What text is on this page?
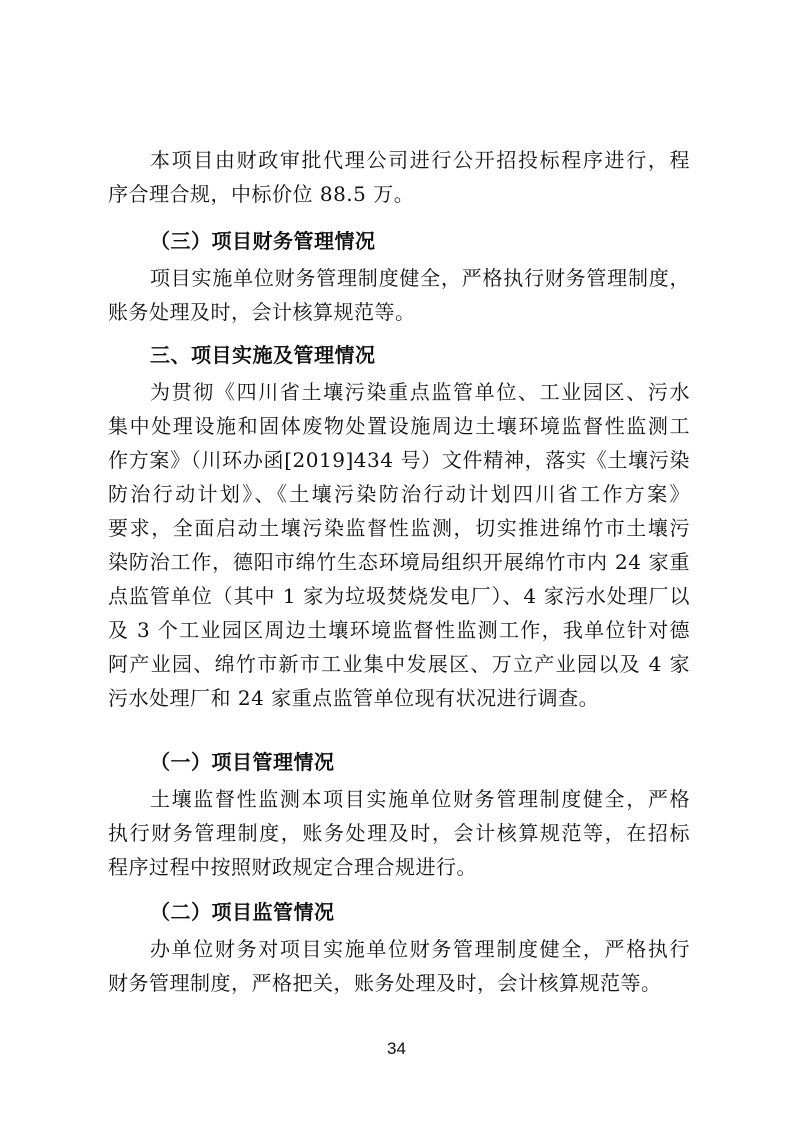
本项目由财政审批代理公司进行公开招投标程序进行，程
序合理合规，中标价位 88.5 万。
（三）项目财务管理情况
项目实施单位财务管理制度健全，严格执行财务管理制度，
账务处理及时，会计核算规范等。
三、项目实施及管理情况
为贯彻《四川省土壤污染重点监管单位、工业园区、污水
集中处理设施和固体废物处置设施周边土壤环境监督性监测工
作方案》（川环办函[2019]434 号）文件精神，落实《土壤污染
防治行动计划》、《土壤污染防治行动计划四川省工作方案》
要求，全面启动土壤污染监督性监测，切实推进绵竹市土壤污
染防治工作，德阳市绵竹生态环境局组织开展绵竹市内 24 家重
点监管单位（其中 1 家为垃圾焚烧发电厂）、4 家污水处理厂以
及 3 个工业园区周边土壤环境监督性监测工作，我单位针对德
阿产业园、绵竹市新市工业集中发展区、万立产业园以及 4 家
污水处理厂和 24 家重点监管单位现有状况进行调查。
（一）项目管理情况
土壤监督性监测本项目实施单位财务管理制度健全，严格
执行财务管理制度，账务处理及时，会计核算规范等，在招标
程序过程中按照财政规定合理合规进行。
（二）项目监管情况
办单位财务对项目实施单位财务管理制度健全，严格执行
财务管理制度，严格把关，账务处理及时，会计核算规范等。
34
